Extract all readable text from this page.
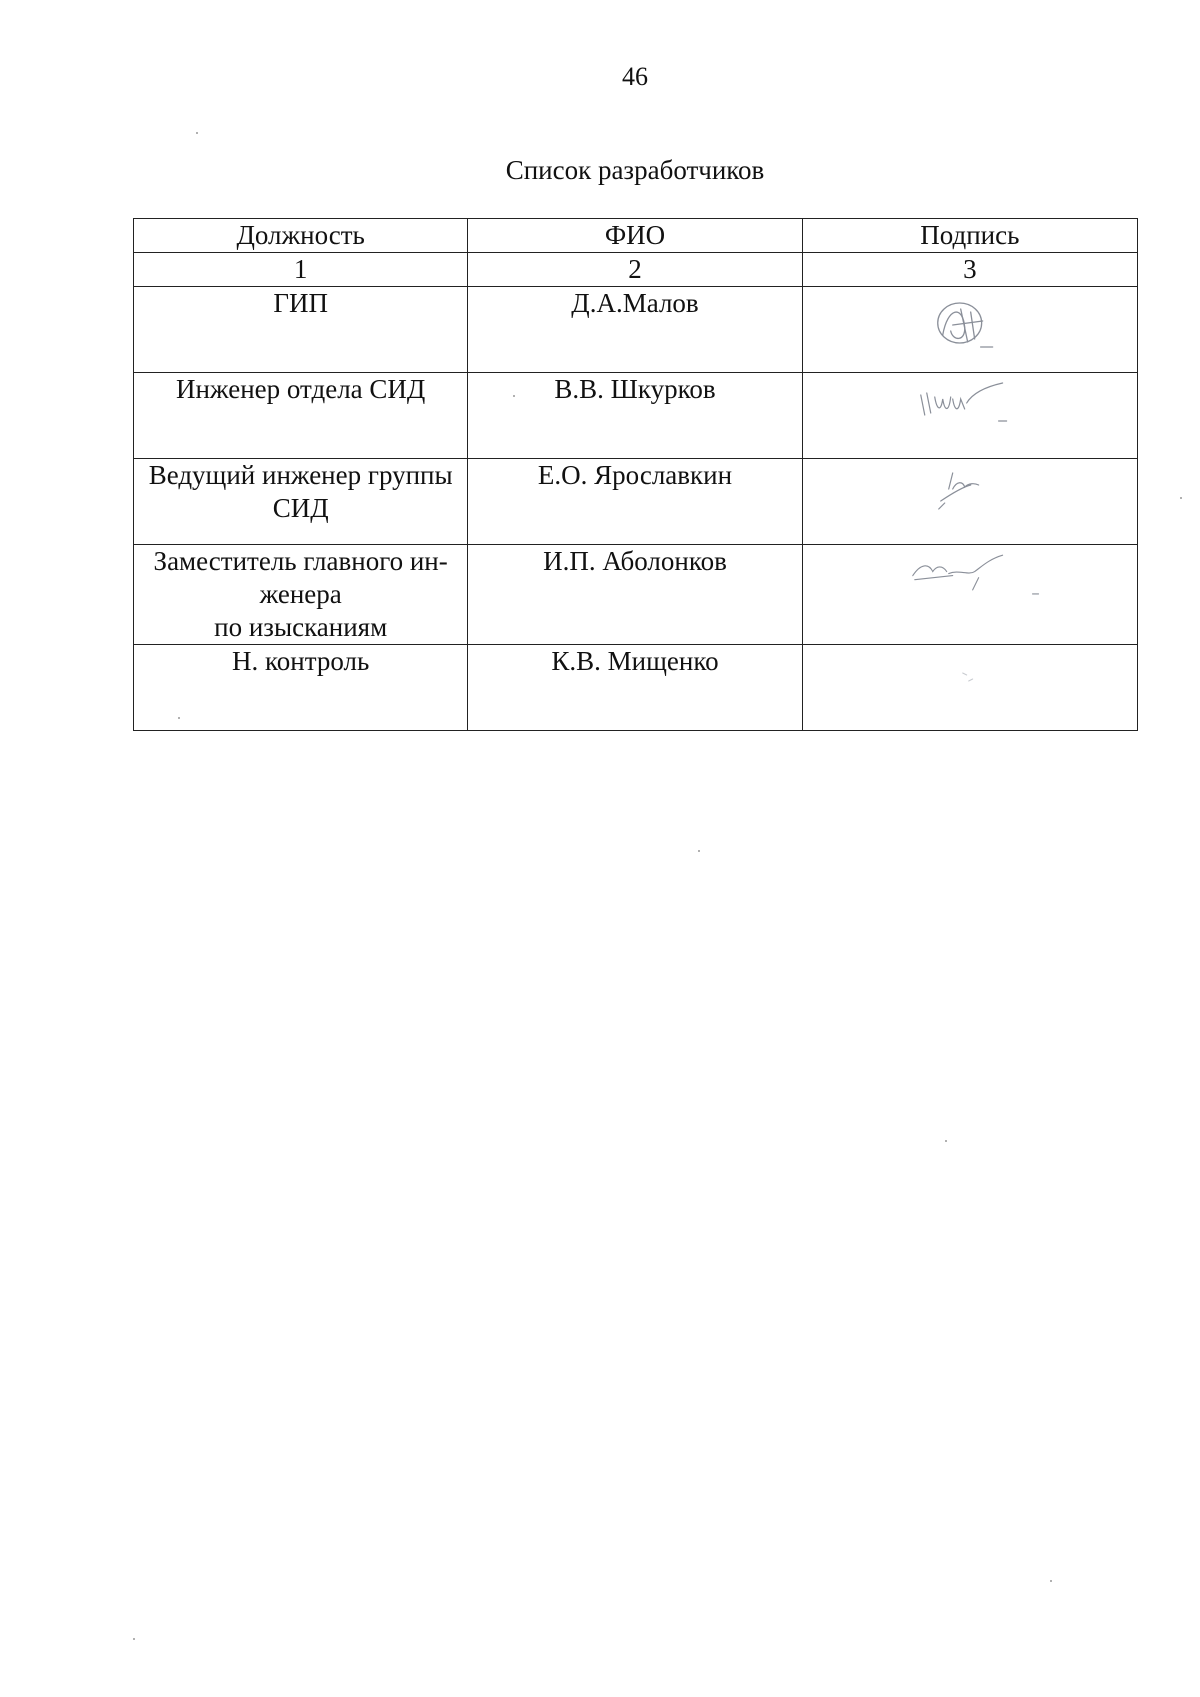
46
Список разработчиков
Должность	ФИО	Подпись
1	2	3
ГИП	Д.А.Малов	

Инженер отдела СИД	В.В. Шкурков	

Ведущий инженер группы СИД	Е.О. Ярославкин	

Заместитель главного ин-
женера
по изысканиям	И.П. Аболонков	

Н. контроль	К.В. Мищенко	
